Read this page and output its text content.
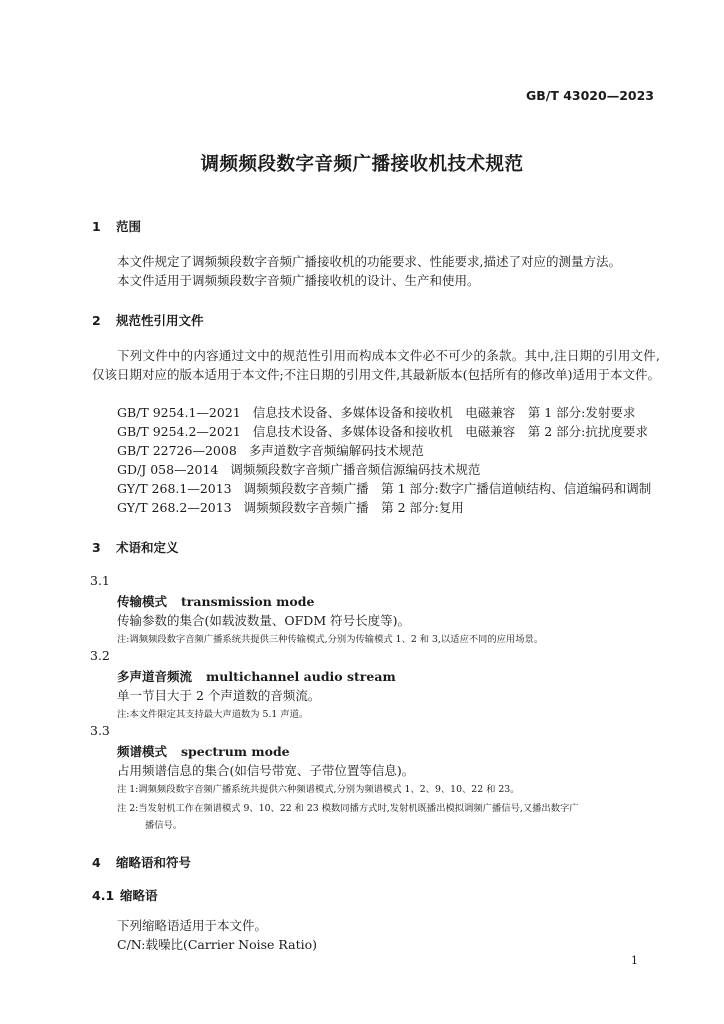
GB/T 43020—2023
调频频段数字音频广播接收机技术规范
1 范围
本文件规定了调频频段数字音频广播接收机的功能要求、性能要求,描述了对应的测量方法。
本文件适用于调频频段数字音频广播接收机的设计、生产和使用。
2 规范性引用文件
下列文件中的内容通过文中的规范性引用而构成本文件必不可少的条款。其中,注日期的引用文件,仅该日期对应的版本适用于本文件;不注日期的引用文件,其最新版本(包括所有的修改单)适用于本文件。
GB/T 9254.1—2021 信息技术设备、多媒体设备和接收机　电磁兼容　第 1 部分:发射要求
GB/T 9254.2—2021 信息技术设备、多媒体设备和接收机　电磁兼容　第 2 部分:抗扰度要求
GB/T 22726—2008 多声道数字音频编解码技术规范
GD/J 058—2014 调频频段数字音频广播音频信源编码技术规范
GY/T 268.1—2013 调频频段数字音频广播　第 1 部分:数字广播信道帧结构、信道编码和调制
GY/T 268.2—2013 调频频段数字音频广播　第 2 部分:复用
3 术语和定义
3.1
传输模式 transmission mode
传输参数的集合(如载波数量、OFDM 符号长度等)。
注:调频频段数字音频广播系统共提供三种传输模式,分别为传输模式 1、2 和 3,以适应不同的应用场景。
3.2
多声道音频流 multichannel audio stream
单一节目大于 2 个声道数的音频流。
注:本文件限定其支持最大声道数为 5.1 声道。
3.3
频谱模式 spectrum mode
占用频谱信息的集合(如信号带宽、子带位置等信息)。
注 1:调频频段数字音频广播系统共提供六种频谱模式,分别为频谱模式 1、2、9、10、22 和 23。
注 2:当发射机工作在频谱模式 9、10、22 和 23 模数同播方式时,发射机既播出模拟调频广播信号,又播出数字广
播信号。
4 缩略语和符号
4.1 缩略语
下列缩略语适用于本文件。
C/N:载噪比(Carrier Noise Ratio)
1
